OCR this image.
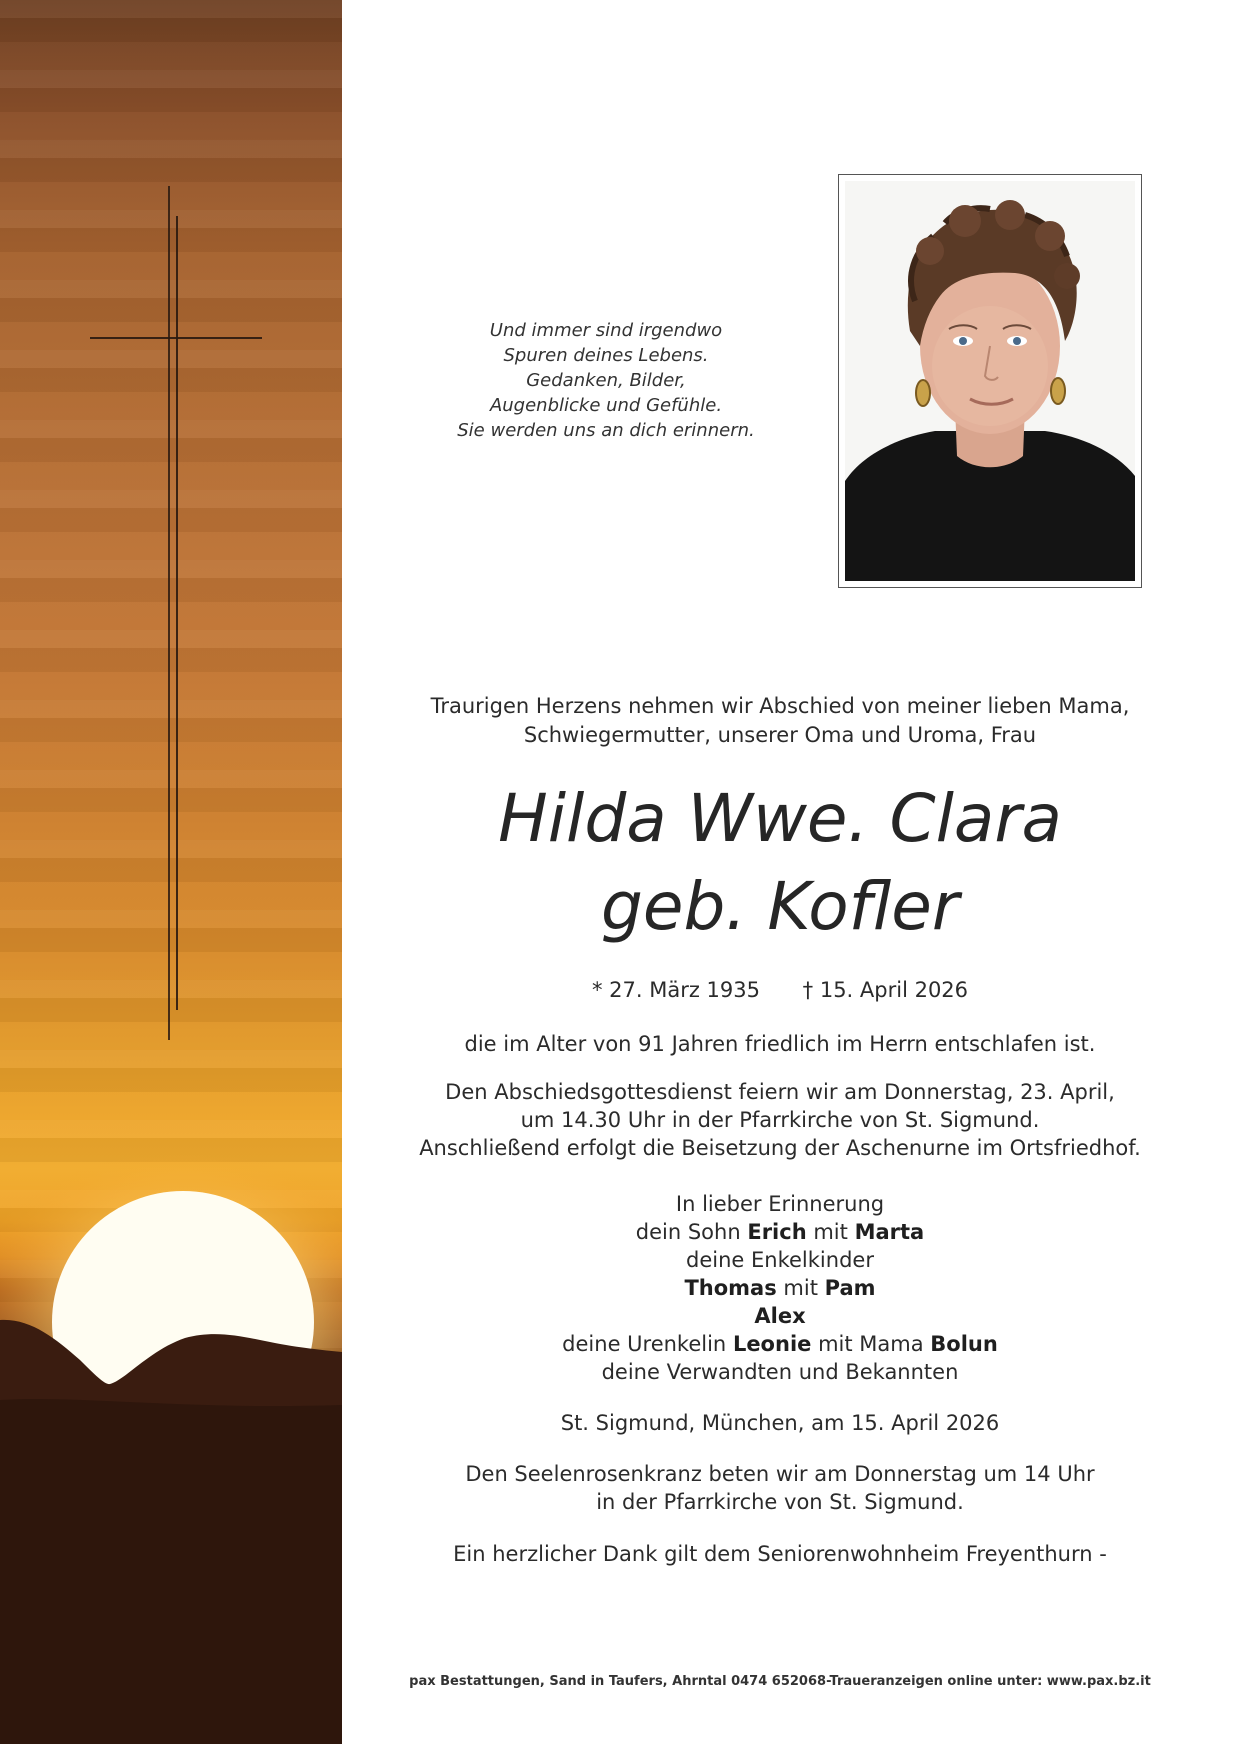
Und immer sind irgendwo
Spuren deines Lebens.
Gedanken, Bilder,
Augenblicke und Gefühle.
Sie werden uns an dich erinnern.
Traurigen Herzens nehmen wir Abschied von meiner lieben Mama,
Schwiegermutter, unserer Oma und Uroma, Frau
Hilda Wwe. Clara
geb. Kofler
* 27. März 1935 † 15. April 2026
die im Alter von 91 Jahren friedlich im Herrn entschlafen ist.
Den Abschiedsgottesdienst feiern wir am Donnerstag, 23. April,
um 14.30 Uhr in der Pfarrkirche von St. Sigmund.
Anschließend erfolgt die Beisetzung der Aschenurne im Ortsfriedhof.
In lieber Erinnerung
dein Sohn Erich mit Marta
deine Enkelkinder
Thomas mit Pam
Alex
deine Urenkelin Leonie mit Mama Bolun
deine Verwandten und Bekannten
St. Sigmund, München, am 15. April 2026
Den Seelenrosenkranz beten wir am Donnerstag um 14 Uhr
in der Pfarrkirche von St. Sigmund.
Ein herzlicher Dank gilt dem Seniorenwohnheim Freyenthurn -
pax Bestattungen, Sand in Taufers, Ahrntal 0474 652068-Traueranzeigen online unter: www.pax.bz.it
